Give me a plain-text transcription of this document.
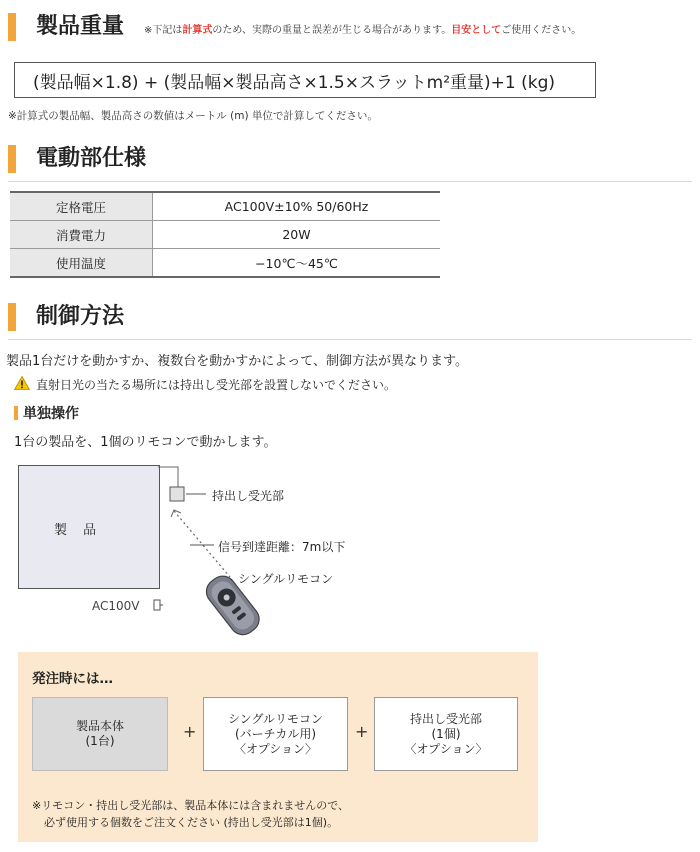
製品重量 ※下記は計算式のため、実際の重量と誤差が生じる場合があります。目安としてご使用ください。
(製品幅×1.8) + (製品幅×製品高さ×1.5×スラットm²重量)+1 (kg)
※計算式の製品幅、製品高さの数値はメートル (m) 単位で計算してください。
電動部仕様
定格電圧	AC100V±10% 50/60Hz
消費電力	20W
使用温度	−10℃〜45℃
制御方法
製品1台だけを動かすか、複数台を動かすかによって、制御方法が異なります。
直射日光の当たる場所には持出し受光部を設置しないでください。
単独操作
1台の製品を、1個のリモコンで動かします。
製 品
持出し受光部
信号到達距離：7m以下
シングルリモコン
AC100V
発注時には…
製品本体
(1台)	+
シングルリモコン
(バーチカル用)
〈オプション〉
+
持出し受光部
(1個)
〈オプション〉
※リモコン・持出し受光部は、製品本体には含まれませんので、
必ず使用する個数をご注文ください (持出し受光部は1個)。
